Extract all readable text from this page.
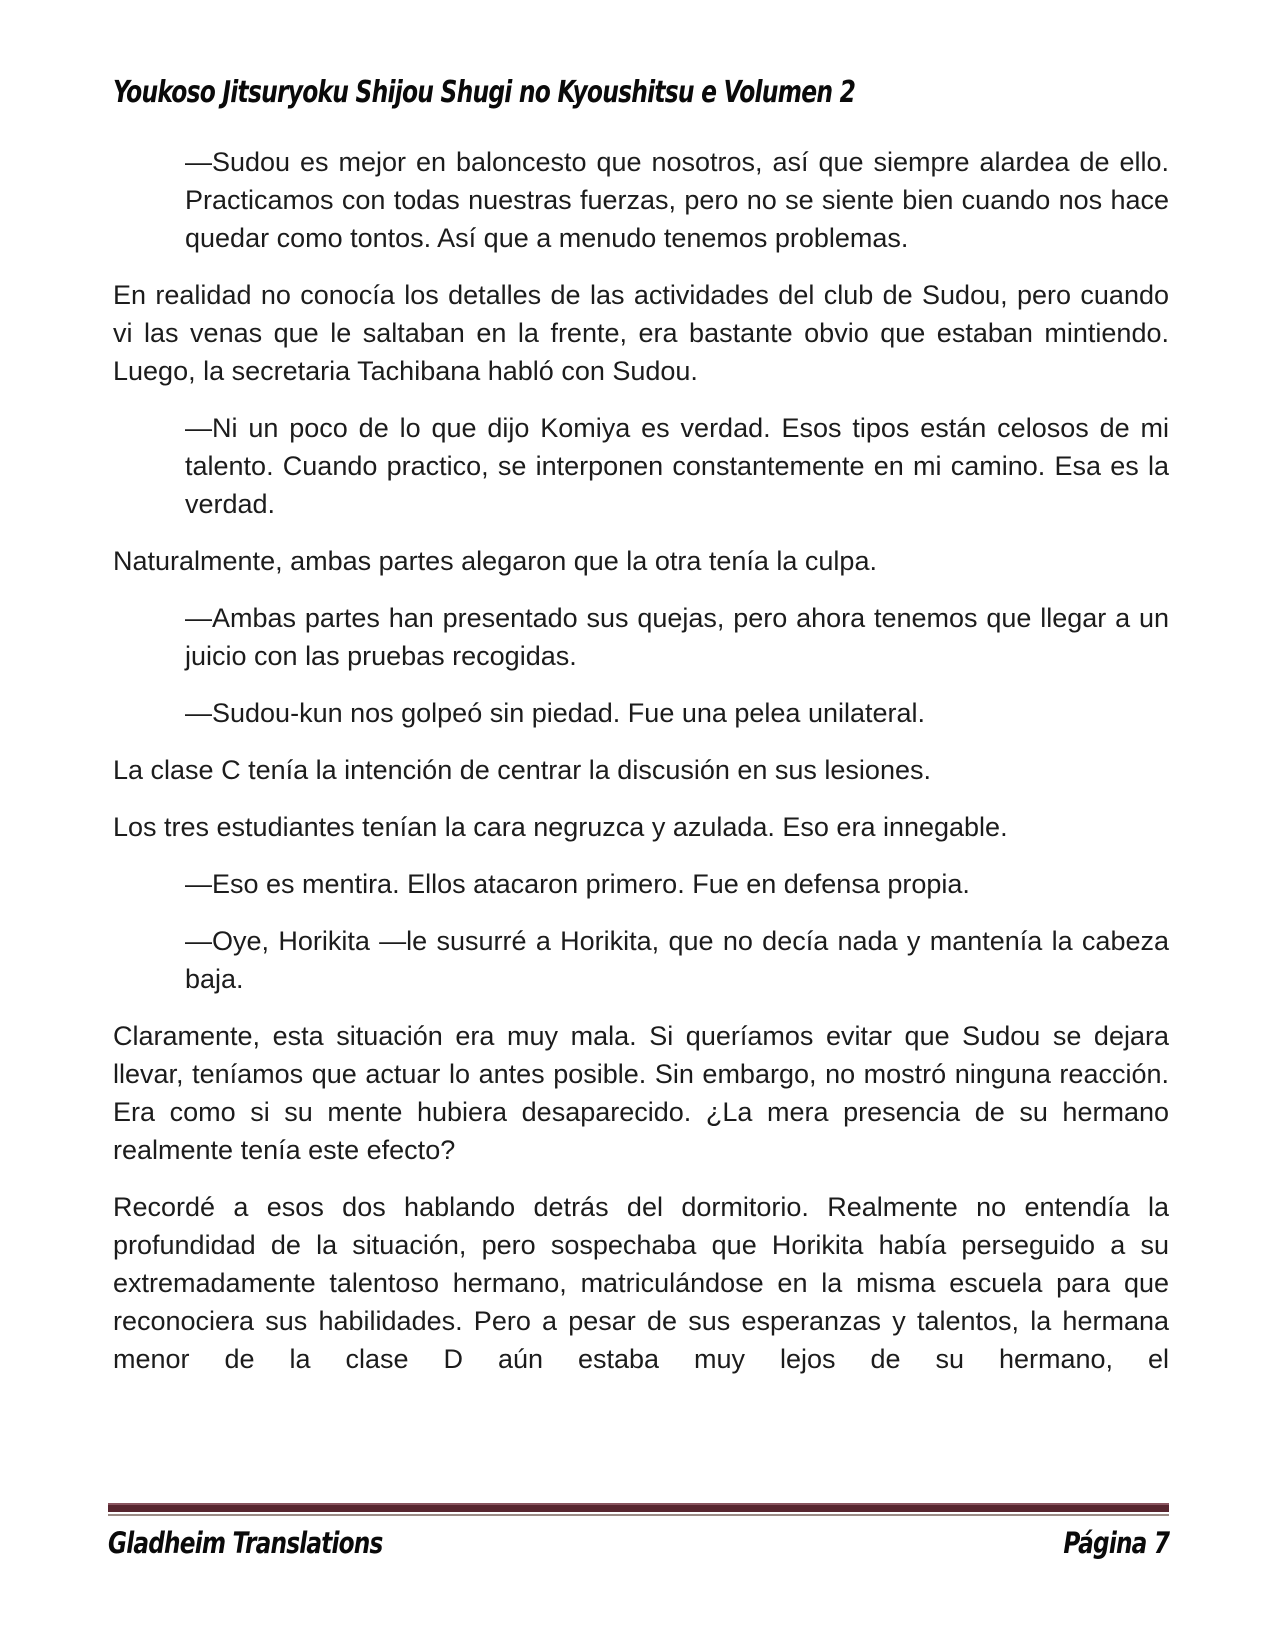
Youkoso Jitsuryoku Shijou Shugi no Kyoushitsu e Volumen 2

—Sudou es mejor en baloncesto que nosotros, así que siempre alardea de ello. Practicamos con todas nuestras fuerzas, pero no se siente bien cuando nos hace quedar como tontos. Así que a menudo tenemos problemas.

En realidad no conocía los detalles de las actividades del club de Sudou, pero cuando vi las venas que le saltaban en la frente, era bastante obvio que estaban mintiendo. Luego, la secretaria Tachibana habló con Sudou.

—Ni un poco de lo que dijo Komiya es verdad. Esos tipos están celosos de mi talento. Cuando practico, se interponen constantemente en mi camino. Esa es la verdad.

Naturalmente, ambas partes alegaron que la otra tenía la culpa.

—Ambas partes han presentado sus quejas, pero ahora tenemos que llegar a un juicio con las pruebas recogidas.

—Sudou-kun nos golpeó sin piedad. Fue una pelea unilateral.

La clase C tenía la intención de centrar la discusión en sus lesiones.

Los tres estudiantes tenían la cara negruzca y azulada. Eso era innegable.

—Eso es mentira. Ellos atacaron primero. Fue en defensa propia.

—Oye, Horikita —le susurré a Horikita, que no decía nada y mantenía la cabeza baja.

Claramente, esta situación era muy mala. Si queríamos evitar que Sudou se dejara llevar, teníamos que actuar lo antes posible. Sin embargo, no mostró ninguna reacción. Era como si su mente hubiera desaparecido. ¿La mera presencia de su hermano realmente tenía este efecto?

Recordé a esos dos hablando detrás del dormitorio. Realmente no entendía la profundidad de la situación, pero sospechaba que Horikita había perseguido a su extremadamente talentoso hermano, matriculándose en la misma escuela para que reconociera sus habilidades. Pero a pesar de sus esperanzas y talentos, la hermana menor de la clase D aún estaba muy lejos de su hermano, el

Gladheim Translations	Página 7
